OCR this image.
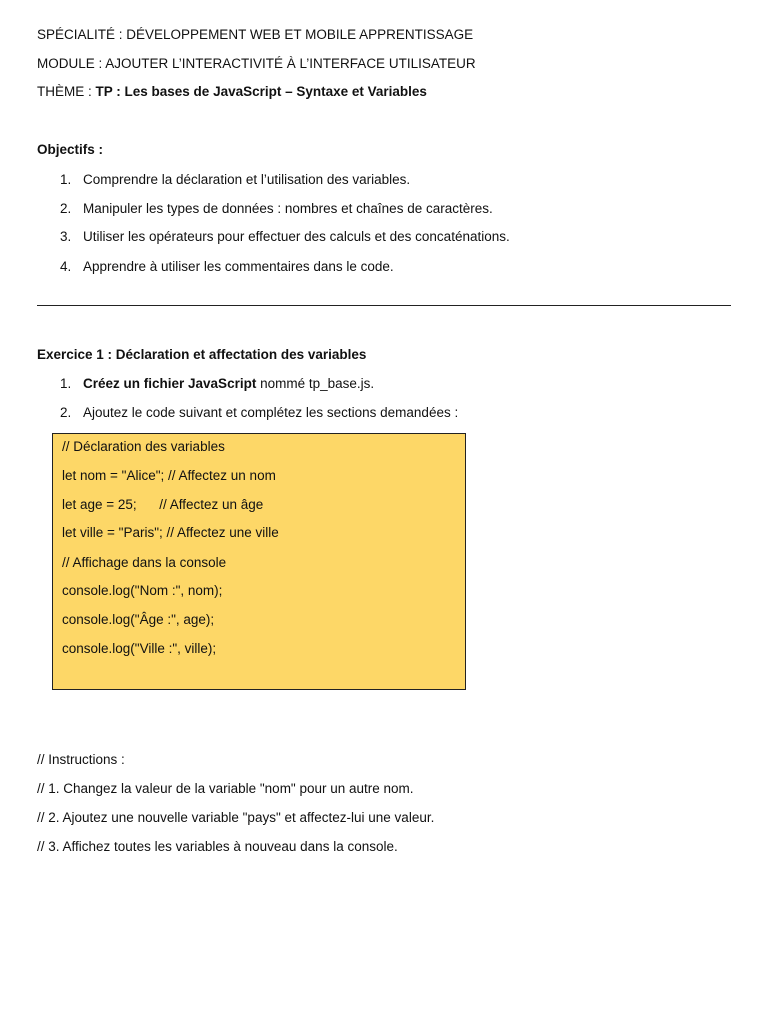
SPÉCIALITÉ : DÉVELOPPEMENT WEB ET MOBILE APPRENTISSAGE
MODULE : AJOUTER L’INTERACTIVITÉ À L’INTERFACE UTILISATEUR
THÈME : TP : Les bases de JavaScript – Syntaxe et Variables
Objectifs :
1. Comprendre la déclaration et l’utilisation des variables.
2. Manipuler les types de données : nombres et chaînes de caractères.
3. Utiliser les opérateurs pour effectuer des calculs et des concaténations.
4. Apprendre à utiliser les commentaires dans le code.
Exercice 1 : Déclaration et affectation des variables
1. Créez un fichier JavaScript nommé tp_base.js.
2. Ajoutez le code suivant et complétez les sections demandées :
// Déclaration des variables
let nom = "Alice"; // Affectez un nom
let age = 25;      // Affectez un âge
let ville = "Paris"; // Affectez une ville
// Affichage dans la console
console.log("Nom :", nom);
console.log("Âge :", age);
console.log("Ville :", ville);
// Instructions :
// 1. Changez la valeur de la variable "nom" pour un autre nom.
// 2. Ajoutez une nouvelle variable "pays" et affectez-lui une valeur.
// 3. Affichez toutes les variables à nouveau dans la console.
